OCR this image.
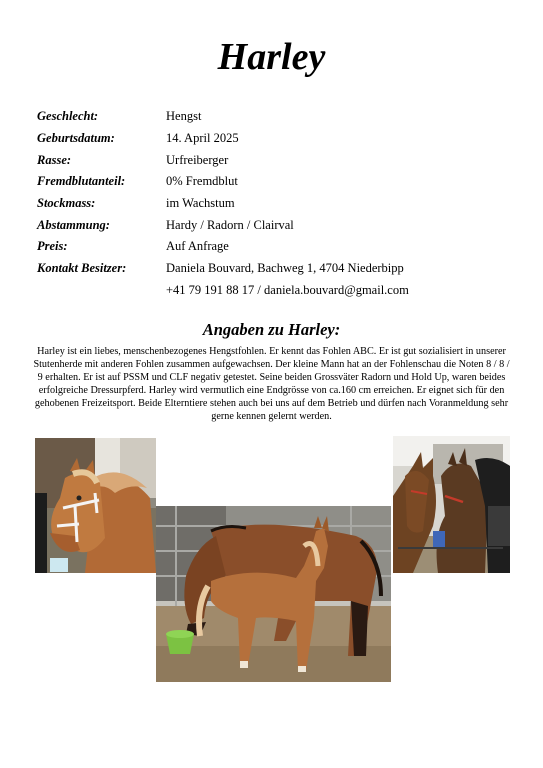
Harley
Geschlecht:	Hengst
Geburtsdatum:	14. April 2025
Rasse:	Urfreiberger
Fremdblutanteil:	0% Fremdblut
Stockmass:	im Wachstum
Abstammung:	Hardy / Radorn / Clairval
Preis:	Auf Anfrage
Kontakt Besitzer:	Daniela Bouvard, Bachweg 1, 4704 Niederbipp
+41 79 191 88 17 / daniela.bouvard@gmail.com
Angaben zu Harley:
Harley ist ein liebes, menschenbezogenes Hengstfohlen. Er kennt das Fohlen ABC. Er ist gut sozialisiert in unserer Stutenherde mit anderen Fohlen zusammen aufgewachsen. Der kleine Mann hat an der Fohlenschau die Noten 8 / 8 / 9 erhalten. Er ist auf PSSM und CLF negativ getestet. Seine beiden Grossväter Radorn und Hold Up, waren beides erfolgreiche Dressurpferd. Harley wird vermutlich eine Endgrösse von ca.160 cm erreichen. Er eignet sich für den gehobenen Freizeitsport. Beide Elterntiere stehen auch bei uns auf dem Betrieb und dürfen nach Voranmeldung sehr gerne kennen gelernt werden.
